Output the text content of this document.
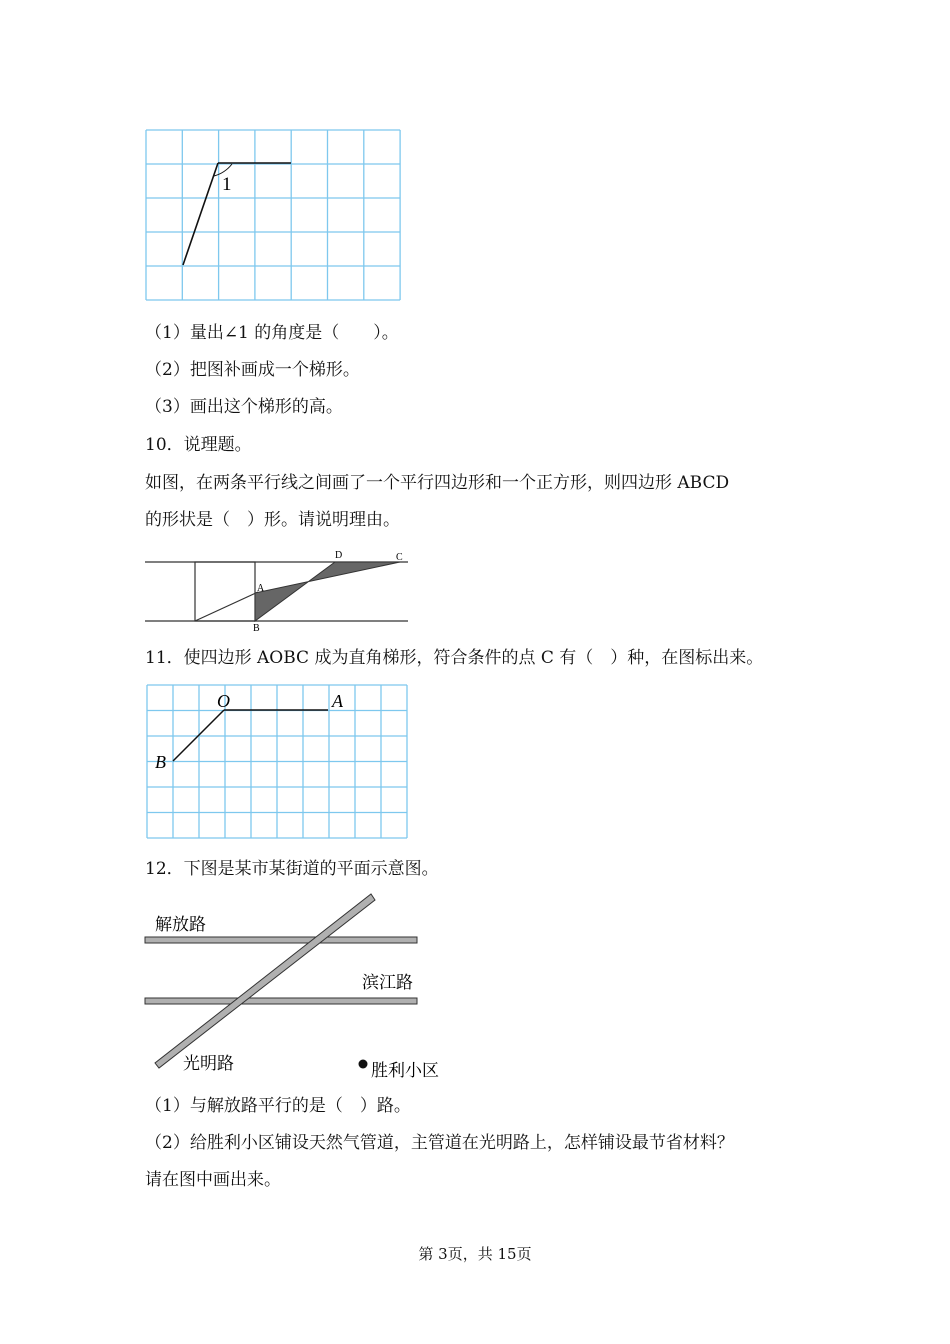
1
（1）量出∠1 的角度是（　　）。
（2）把图补画成一个梯形。
（3）画出这个梯形的高。
10．说理题。
如图，在两条平行线之间画了一个平行四边形和一个正方形，则四边形 ABCD
的形状是（　）形。请说明理由。
A
B
C
D
11．使四边形 AOBC 成为直角梯形，符合条件的点 C 有（　）种，在图标出来。
O	A
B
12．下图是某市某街道的平面示意图。
解放路
滨江路
光明路	胜利小区
（1）与解放路平行的是（　）路。
（2）给胜利小区铺设天然气管道，主管道在光明路上，怎样铺设最节省材料？
请在图中画出来。
第 3页，共 15页
